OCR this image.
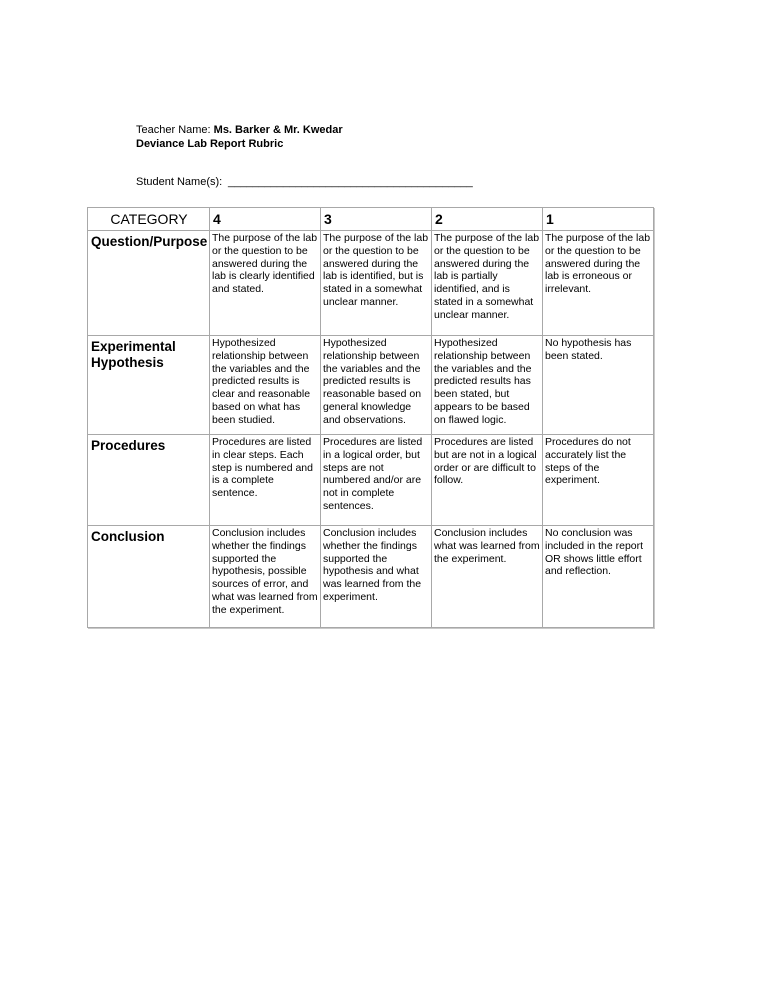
Teacher Name: Ms. Barker & Mr. Kwedar
Deviance Lab Report Rubric
Student Name(s): ________________________________________
CATEGORY	4	3	2	1
Question/Purpose	The purpose of the lab or the question to be answered during the lab is clearly identified and stated.	The purpose of the lab or the question to be answered during the lab is identified, but is stated in a somewhat unclear manner.	The purpose of the lab or the question to be answered during the lab is partially identified, and is stated in a somewhat unclear manner.	The purpose of the lab or the question to be answered during the lab is erroneous or irrelevant.
Experimental Hypothesis	Hypothesized relationship between the variables and the predicted results is clear and reasonable based on what has been studied.	Hypothesized relationship between the variables and the predicted results is reasonable based on general knowledge and observations.	Hypothesized relationship between the variables and the predicted results has been stated, but appears to be based on flawed logic.	No hypothesis has been stated.
Procedures	Procedures are listed in clear steps. Each step is numbered and is a complete sentence.	Procedures are listed in a logical order, but steps are not numbered and/or are not in complete sentences.	Procedures are listed but are not in a logical order or are difficult to follow.	Procedures do not accurately list the steps of the experiment.
Conclusion	Conclusion includes whether the findings supported the hypothesis, possible sources of error, and what was learned from the experiment.	Conclusion includes whether the findings supported the hypothesis and what was learned from the experiment.	Conclusion includes what was learned from the experiment.	No conclusion was included in the report OR shows little effort and reflection.
